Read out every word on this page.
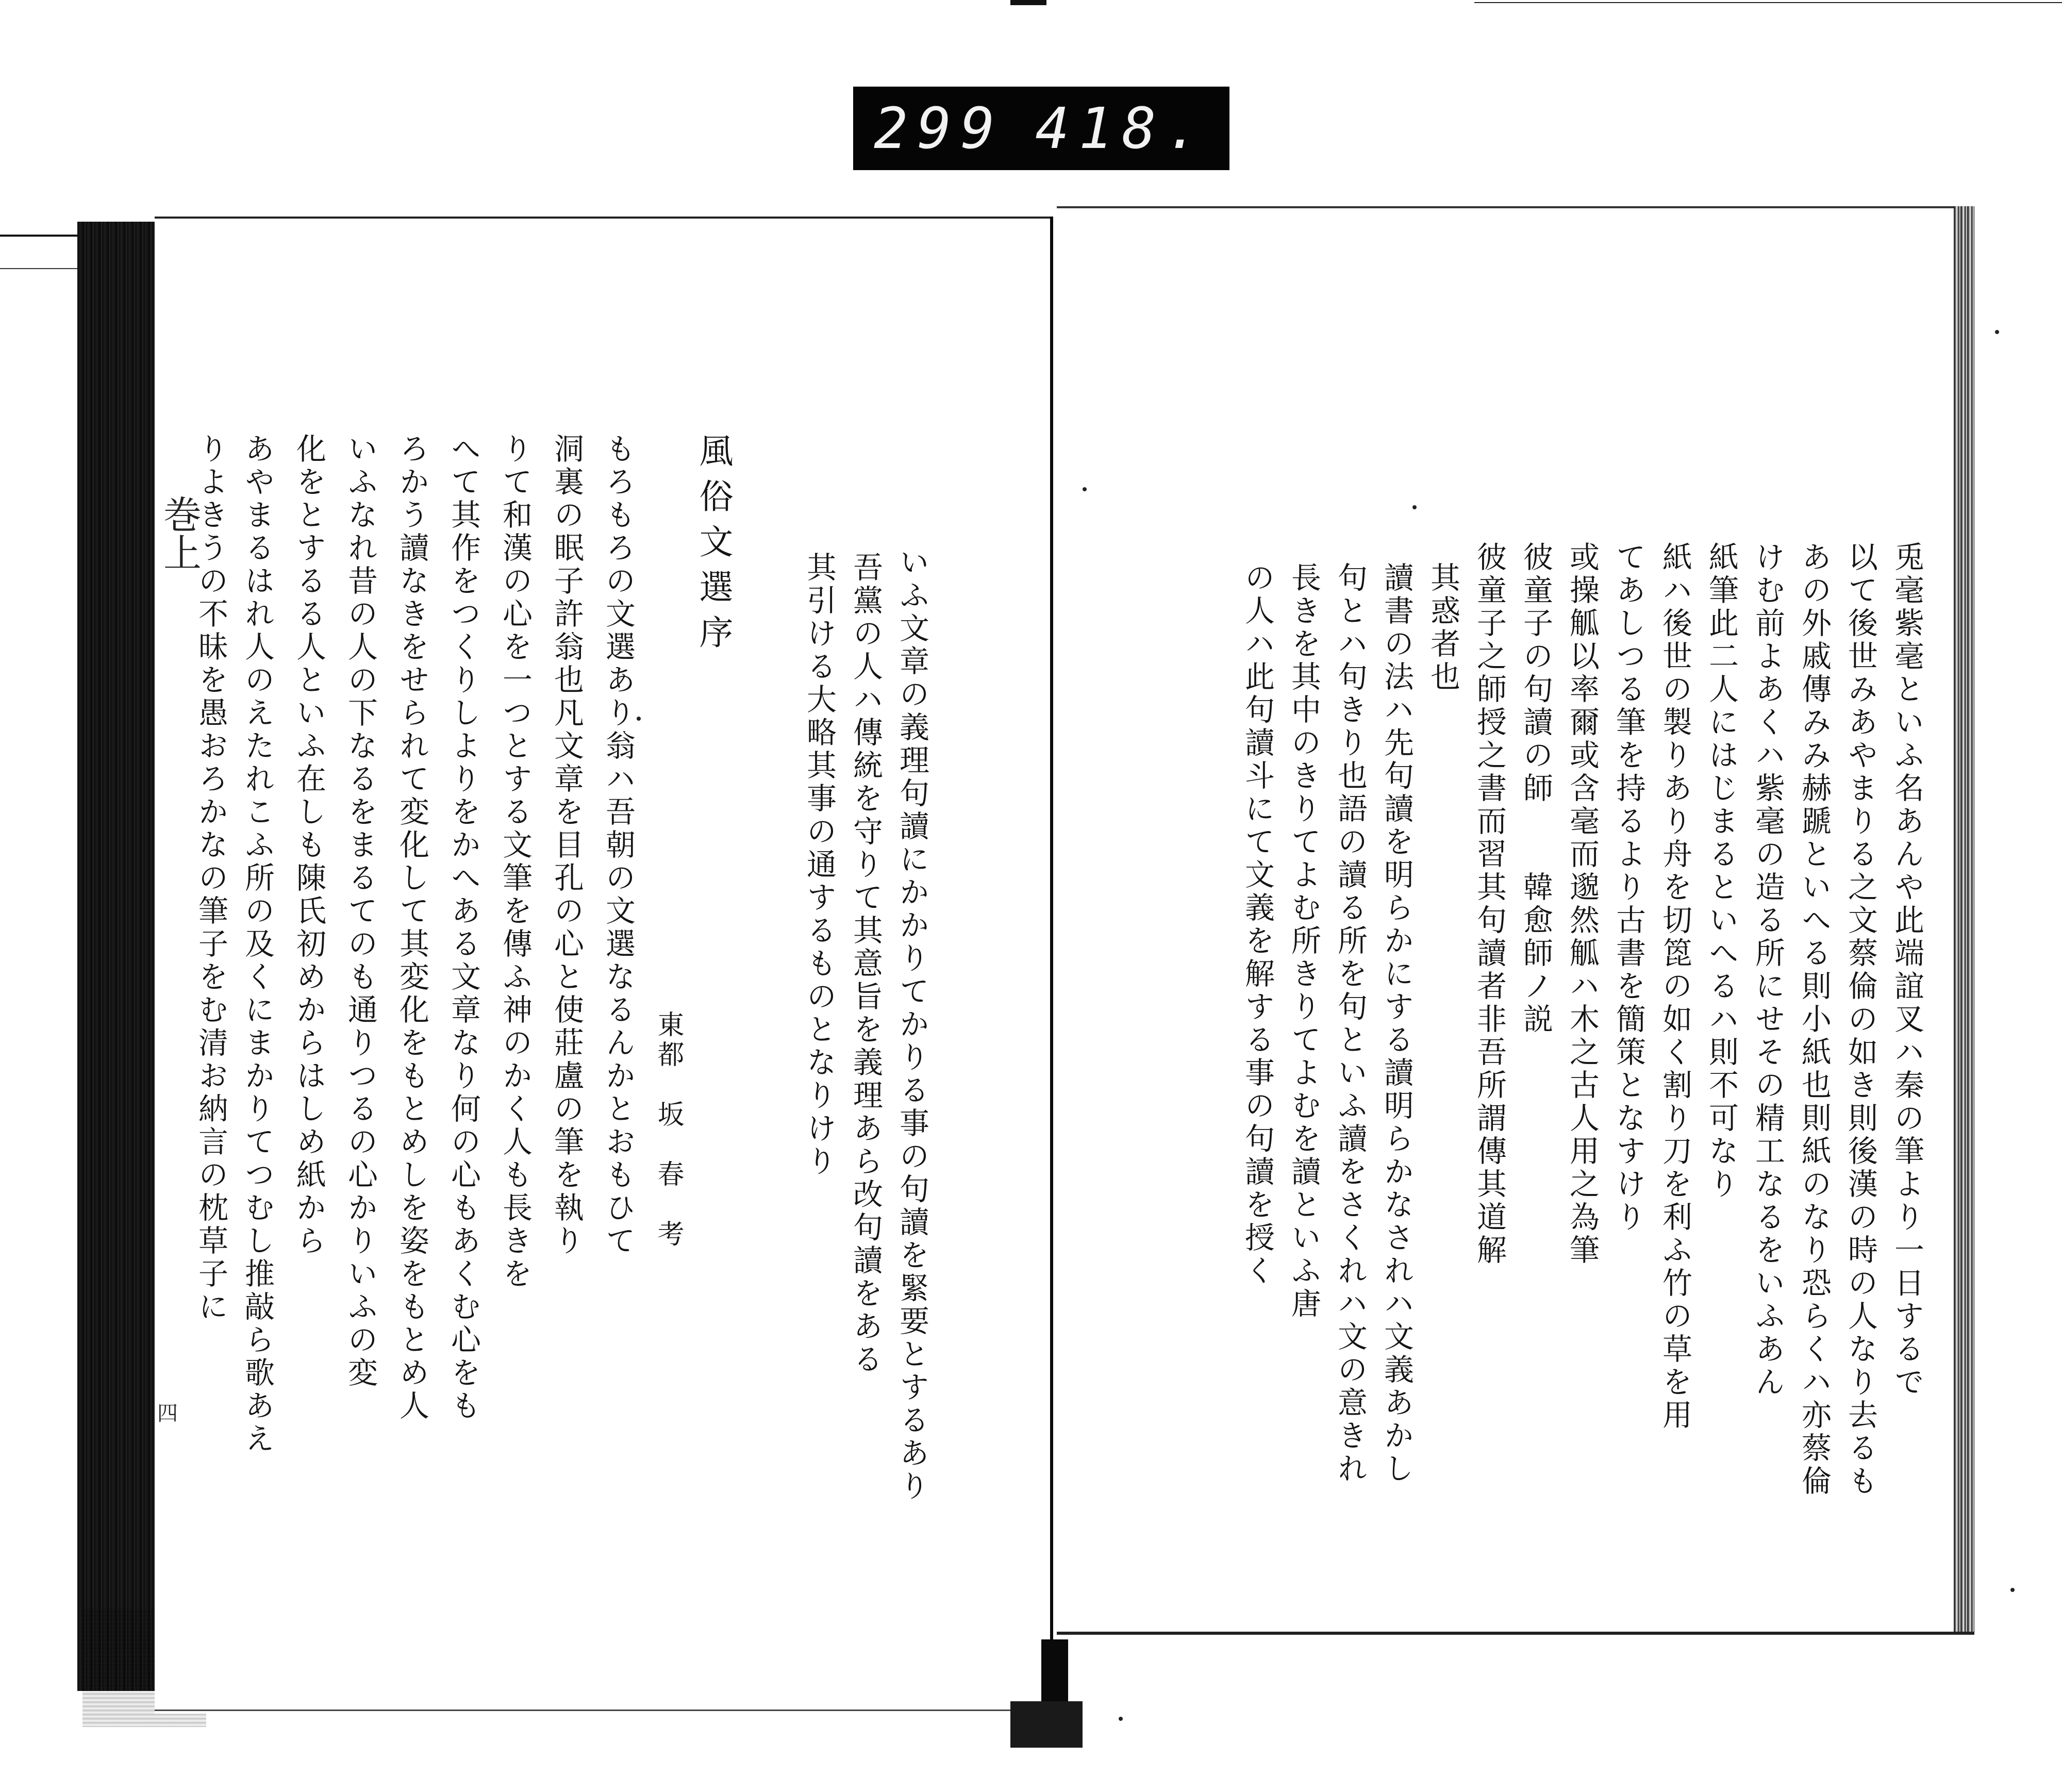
299 418.
兎毫紫毫といふ名あんや此端誼叉ハ秦の筆より一日するで
以て後世みあやまりる之文蔡倫の如き則後漢の時の人なり去るも
あの外戚傳みみ赫蹏といへる則小紙也則紙のなり恐らくハ亦蔡倫
けむ前よあくハ紫毫の造る所にせその精工なるをいふあん
紙筆此二人にはじまるといへるハ則不可なり
紙ハ後世の製りあり舟を切箆の如く割り刀を利ふ竹の草を用
てあしつる筆を持るより古書を簡策となすけり
或操觚以率爾或含毫而邈然觚ハ木之古人用之為筆
彼童子の句讀の師　　韓愈師ノ説
彼童子之師授之書而習其句讀者非吾所謂傳其道解
其惑者也
讀書の法ハ先句讀を明らかにする讀明らかなされハ文義あかし
句とハ句きり也語の讀る所を句といふ讀をさくれハ文の意きれ
長きを其中のきりてよむ所きりてよむを讀といふ唐
の人ハ此句讀斗にて文義を解する事の句讀を授く
いふ文章の義理句讀にかかりてかりる事の句讀を緊要とするあり
吾黨の人ハ傳統を守りて其意旨を義理あら改句讀をある
其引ける大略其事の通するものとなりけり
風俗文選序
東都　坂　春　考
もろもろの文選あり翁ハ吾朝の文選なるんかとおもひて
洞裏の眠子許翁也凡文章を目孔の心と使莊盧の筆を執り
りて和漢の心を一つとする文筆を傳ふ神のかく人も長きを
へて其作をつくりしよりをかへある文章なり何の心もあくむ心をも
ろかう讀なきをせられて変化して其変化をもとめしを姿をもとめ人
いふなれ昔の人の下なるをまるてのも通りつるの心かりいふの変
化をとするる人といふ在しも陳氏初めからはしめ紙から
あやまるはれ人のえたれこふ所の及くにまかりてつむし推敲ら歌あえ
りよきうの不昧を愚おろかなの筆子をむ清お納言の枕草子に
巻上
四
